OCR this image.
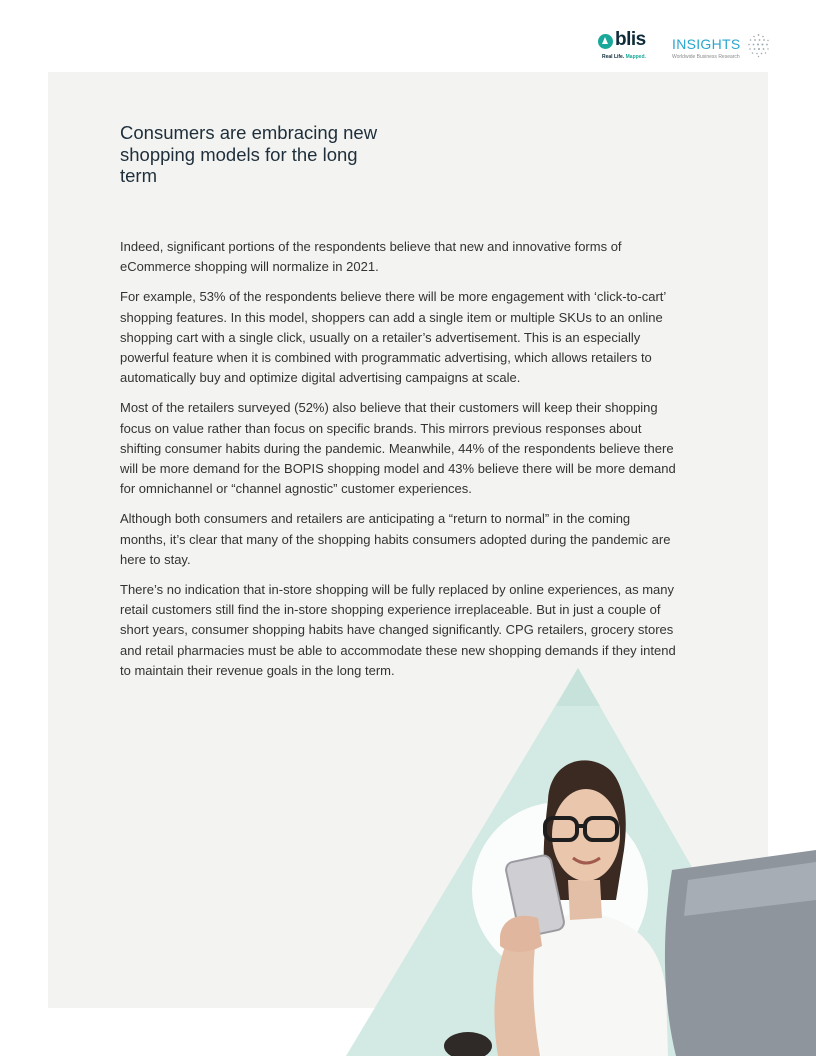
blis
Real Life. Mapped.
INSIGHTS
Worldwide Business Research
Consumers are embracing new shopping models for the long term

Indeed, significant portions of the respondents believe that new and innovative forms of eCommerce shopping will normalize in 2021.

For example, 53% of the respondents believe there will be more engagement with ‘click-to-cart’ shopping features. In this model, shoppers can add a single item or multiple SKUs to an online shopping cart with a single click, usually on a retailer’s advertisement. This is an especially powerful feature when it is combined with programmatic advertising, which allows retailers to automatically buy and optimize digital advertising campaigns at scale.

Most of the retailers surveyed (52%) also believe that their customers will keep their shopping focus on value rather than focus on specific brands. This mirrors previous responses about shifting consumer habits during the pandemic. Meanwhile, 44% of the respondents believe there will be more demand for the BOPIS shopping model and 43% believe there will be more demand for omnichannel or “channel agnostic” customer experiences.

Although both consumers and retailers are anticipating a “return to normal” in the coming months, it’s clear that many of the shopping habits consumers adopted during the pandemic are here to stay.

There’s no indication that in-store shopping will be fully replaced by online experiences, as many retail customers still find the in-store shopping experience irreplaceable. But in just a couple of short years, consumer shopping habits have changed significantly. CPG retailers, grocery stores and retail pharmacies must be able to accommodate these new shopping demands if they intend to maintain their revenue goals in the long term.
